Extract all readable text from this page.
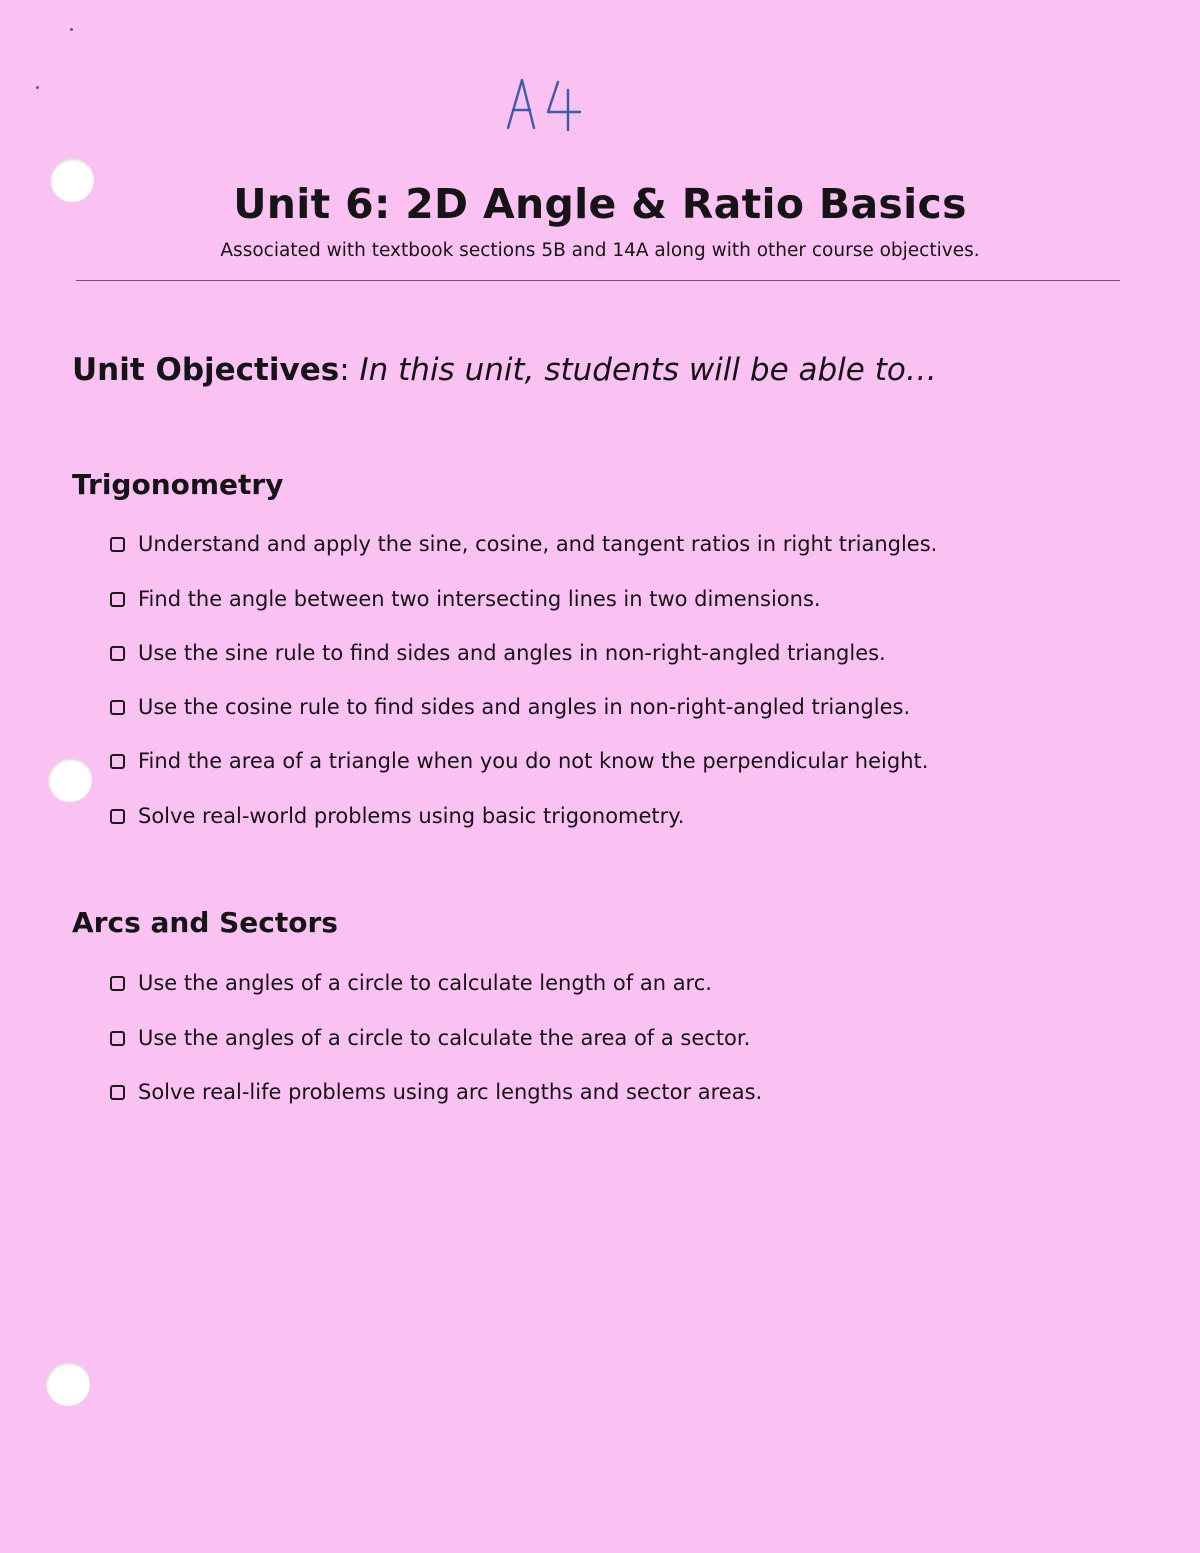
Unit 6: 2D Angle & Ratio Basics

Associated with textbook sections 5B and 14A along with other course objectives.

Unit Objectives: In this unit, students will be able to…

Trigonometry
Understand and apply the sine, cosine, and tangent ratios in right triangles.
Find the angle between two intersecting lines in two dimensions.
Use the sine rule to find sides and angles in non-right-angled triangles.
Use the cosine rule to find sides and angles in non-right-angled triangles.
Find the area of a triangle when you do not know the perpendicular height.
Solve real-world problems using basic trigonometry.
Arcs and Sectors
Use the angles of a circle to calculate length of an arc.
Use the angles of a circle to calculate the area of a sector.
Solve real-life problems using arc lengths and sector areas.
